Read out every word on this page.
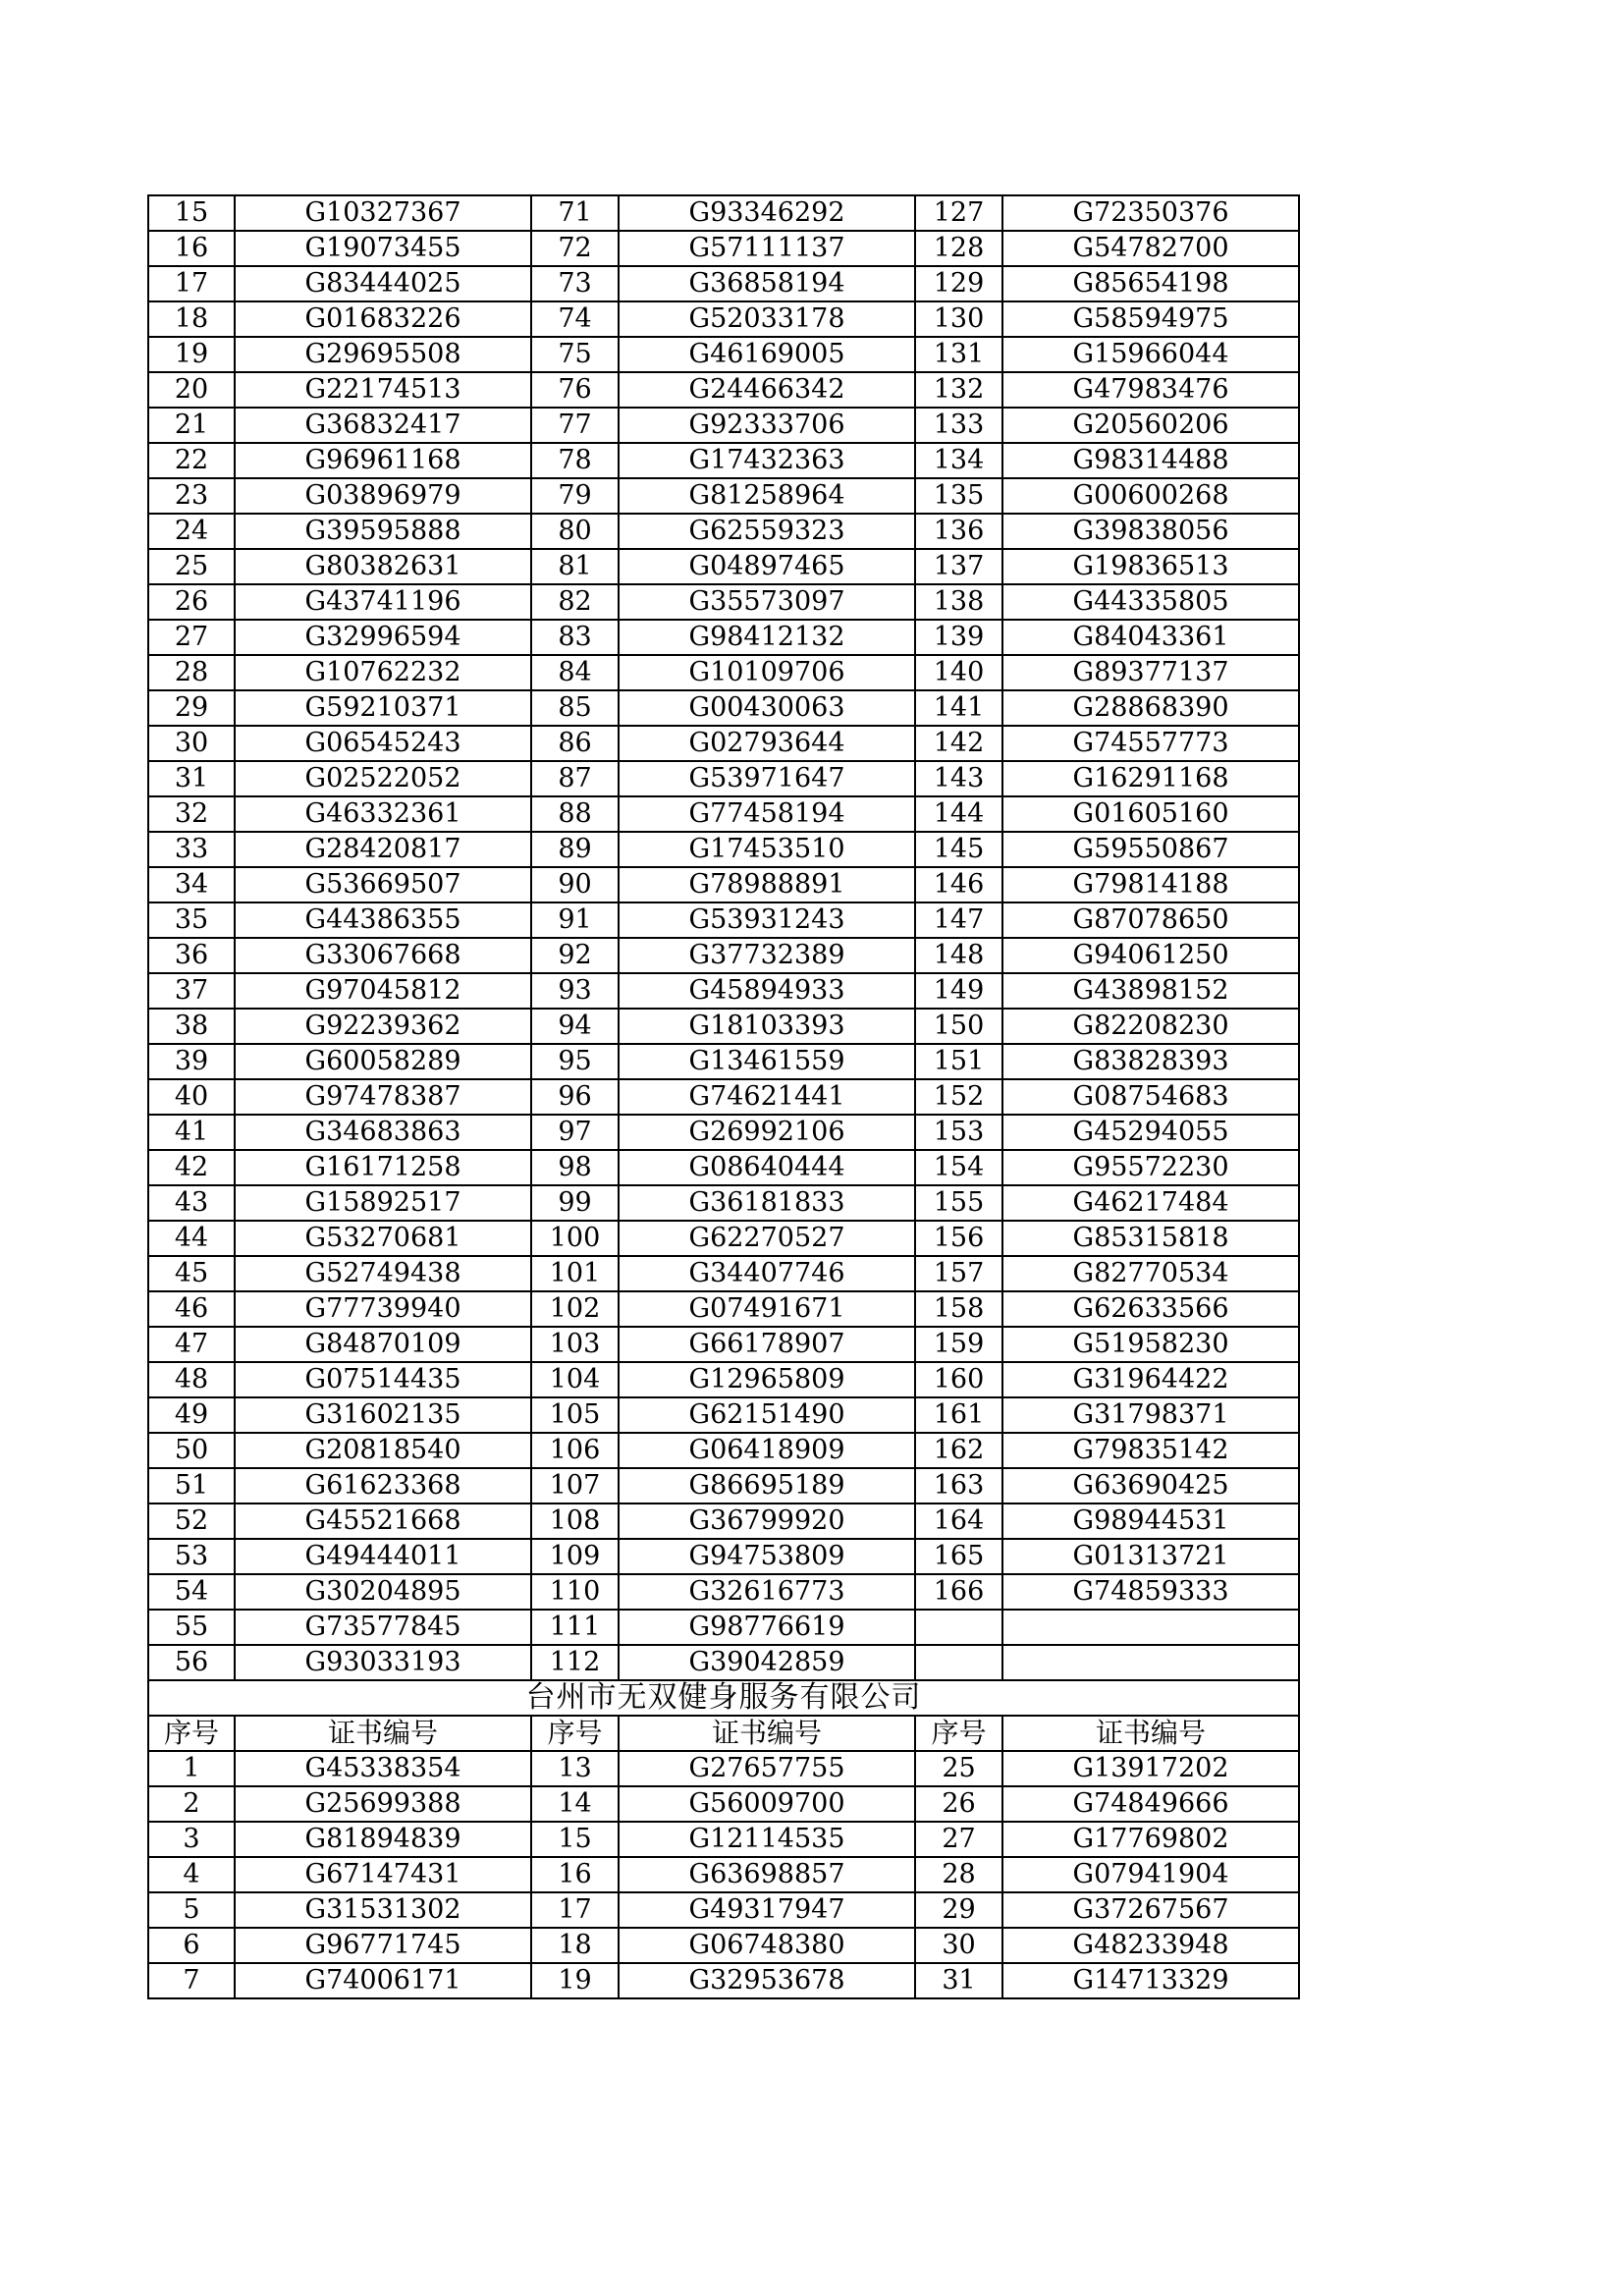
15	G10327367	71	G93346292	127	G72350376
16	G19073455	72	G57111137	128	G54782700
17	G83444025	73	G36858194	129	G85654198
18	G01683226	74	G52033178	130	G58594975
19	G29695508	75	G46169005	131	G15966044
20	G22174513	76	G24466342	132	G47983476
21	G36832417	77	G92333706	133	G20560206
22	G96961168	78	G17432363	134	G98314488
23	G03896979	79	G81258964	135	G00600268
24	G39595888	80	G62559323	136	G39838056
25	G80382631	81	G04897465	137	G19836513
26	G43741196	82	G35573097	138	G44335805
27	G32996594	83	G98412132	139	G84043361
28	G10762232	84	G10109706	140	G89377137
29	G59210371	85	G00430063	141	G28868390
30	G06545243	86	G02793644	142	G74557773
31	G02522052	87	G53971647	143	G16291168
32	G46332361	88	G77458194	144	G01605160
33	G28420817	89	G17453510	145	G59550867
34	G53669507	90	G78988891	146	G79814188
35	G44386355	91	G53931243	147	G87078650
36	G33067668	92	G37732389	148	G94061250
37	G97045812	93	G45894933	149	G43898152
38	G92239362	94	G18103393	150	G82208230
39	G60058289	95	G13461559	151	G83828393
40	G97478387	96	G74621441	152	G08754683
41	G34683863	97	G26992106	153	G45294055
42	G16171258	98	G08640444	154	G95572230
43	G15892517	99	G36181833	155	G46217484
44	G53270681	100	G62270527	156	G85315818
45	G52749438	101	G34407746	157	G82770534
46	G77739940	102	G07491671	158	G62633566
47	G84870109	103	G66178907	159	G51958230
48	G07514435	104	G12965809	160	G31964422
49	G31602135	105	G62151490	161	G31798371
50	G20818540	106	G06418909	162	G79835142
51	G61623368	107	G86695189	163	G63690425
52	G45521668	108	G36799920	164	G98944531
53	G49444011	109	G94753809	165	G01313721
54	G30204895	110	G32616773	166	G74859333
55	G73577845	111	G98776619		
56	G93033193	112	G39042859		
台州市无双健身服务有限公司					
序号	证书编号	序号	证书编号	序号	证书编号
1	G45338354	13	G27657755	25	G13917202
2	G25699388	14	G56009700	26	G74849666
3	G81894839	15	G12114535	27	G17769802
4	G67147431	16	G63698857	28	G07941904
5	G31531302	17	G49317947	29	G37267567
6	G96771745	18	G06748380	30	G48233948
7	G74006171	19	G32953678	31	G14713329
